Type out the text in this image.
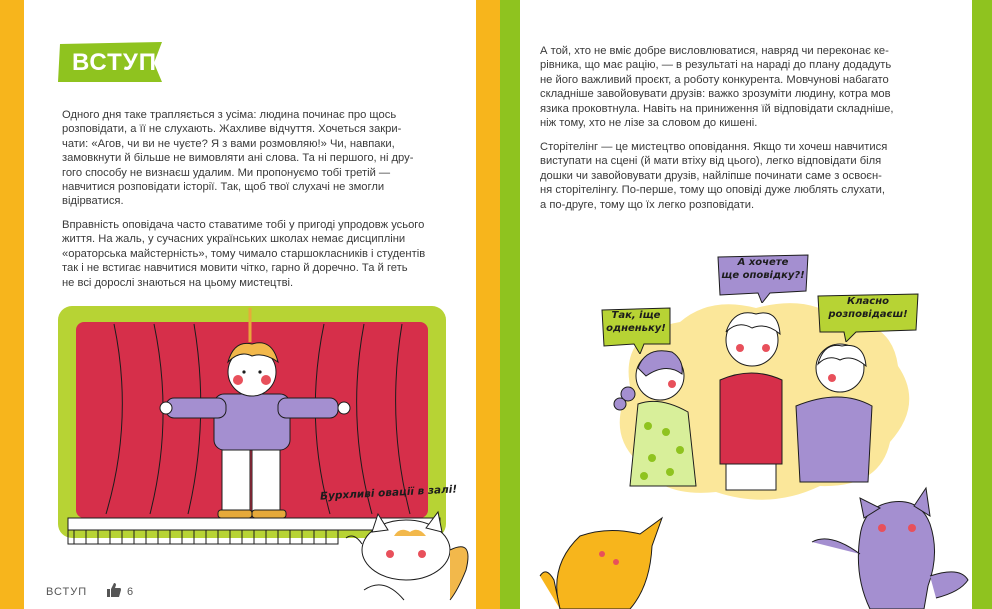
ВСТУП

Одного дня таке трапляється з усіма: людина починає про щось
розповідати, а її не слухають. Жахливе відчуття. Хочеться закри-
чати: «Агов, чи ви не чуєте? Я з вами розмовляю!» Чи, навпаки,
замовкнути й більше не вимовляти ані слова. Та ні першого, ні дру-
гого способу не визнаєш удалим. Ми пропонуємо тобі третій —
навчитися розповідати історії. Так, щоб твої слухачі не змогли
відірватися.

Вправність оповідача часто ставатиме тобі у пригоді упродовж усього
життя. На жаль, у сучасних українських школах немає дисципліни
«ораторська майстерність», тому чимало старшокласників і студентів
так і не встигає навчитися мовити чітко, гарно й доречно. Та й геть
не всі дорослі знаються на цьому мистецтві.

Бурхливі овації в залі!
ВСТУП	6

А той, хто не вміє добре висловлюватися, навряд чи переконає ке-
рівника, що має рацію, — в результаті на нараді до плану додадуть
не його важливий проєкт, а роботу конкурента. Мовчунові набагато
складніше завойовувати друзів: важко зрозуміти людину, котра мов
язика проковтнула. Навіть на приниження їй відповідати складніше,
ніж тому, хто не лізе за словом до кишені.

Сторітелінг — це мистецтво оповідання. Якщо ти хочеш навчитися
виступати на сцені (й мати втіху від цього), легко відповідати біля
дошки чи завойовувати друзів, найліпше починати саме з освоєн-
ня сторітелінгу. По-перше, тому що оповіді дуже люблять слухати,
а по-друге, тому що їх легко розповідати.

А хочете
ще оповідку?!
Так, іще
одненьку!
Класно
розповідаєш!
